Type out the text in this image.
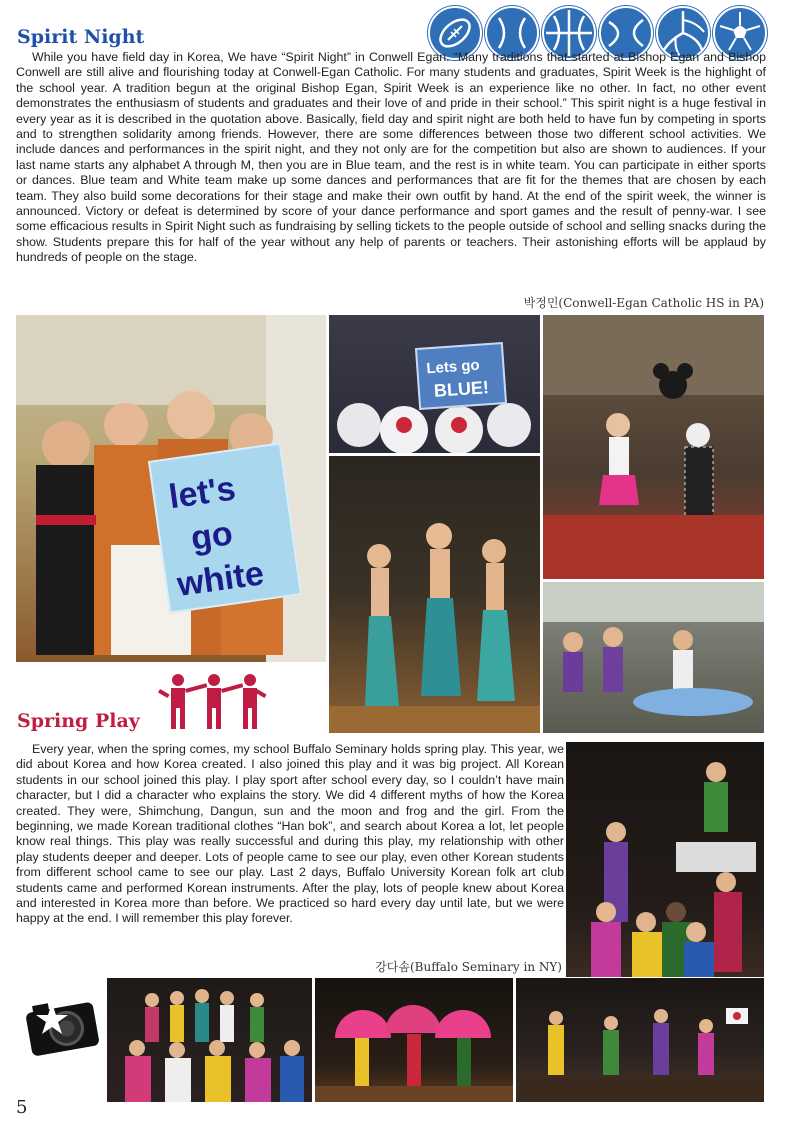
Spirit Night
While you have field day in Korea, We have “Spirit Night” in Conwell Egan. “Many traditions that started at Bishop Egan and Bishop Conwell are still alive and flourishing today at Conwell-Egan Catholic. For many students and graduates, Spirit Week is the highlight of the school year. A tradition begun at the original Bishop Egan, Spirit Week is an experience like no other. In fact, no other event demonstrates the enthusiasm of students and graduates and their love of and pride in their school.” This spirit night is a huge festival in every year as it is described in the quotation above. Basically, field day and spirit night are both held to have fun by competing in sports and to strengthen solidarity among friends. However, there are some differences between those two different school activities. We include dances and performances in the spirit night, and they not only are for the competition but also are shown to audiences. If your last name starts any alphabet A through M, then you are in Blue team, and the rest is in white team. You can participate in either sports or dances. Blue team and White team make up some dances and performances that are fit for the themes that are chosen by each team. They also build some decorations for their stage and make their own outfit by hand. At the end of the spirit week, the winner is announced. Victory or defeat is determined by score of your dance performance and sport games and the result of penny-war. I see some efficacious results in Spirit Night such as fundraising by selling tickets to the people outside of school and selling snacks during the show. Students prepare this for half of the year without any help of parents or teachers. Their astonishing efforts will be applaud by hundreds of people on the stage.
박정민(Conwell-Egan Catholic HS in PA)
let's
go
white
Lets go
BLUE!
Spring Play
Every year, when the spring comes, my school Buffalo Seminary holds spring play. This year, we did about Korea and how Korea created. I also joined this play and it was big project. All Korean students in our school joined this play. I play sport after school every day, so I couldn’t have main character, but I did a character who explains the story. We did 4 different myths of how the Korea created. They were, Shimchung, Dangun, sun and the moon and frog and the girl. From the beginning, we made Korean traditional clothes “Han bok”, and search about Korea a lot, let people know real things. This play was really successful and during this play, my relationship with other play students deeper and deeper. Lots of people came to see our play, even other Korean students from different school came to see our play. Last 2 days, Buffalo University Korean folk art club students came and performed Korean instruments. After the play, lots of people knew about Korea and interested in Korea more than before. We practiced so hard every day until late, but we were happy at the end. I will remember this play forever.
강다솜(Buffalo Seminary in NY)
5
